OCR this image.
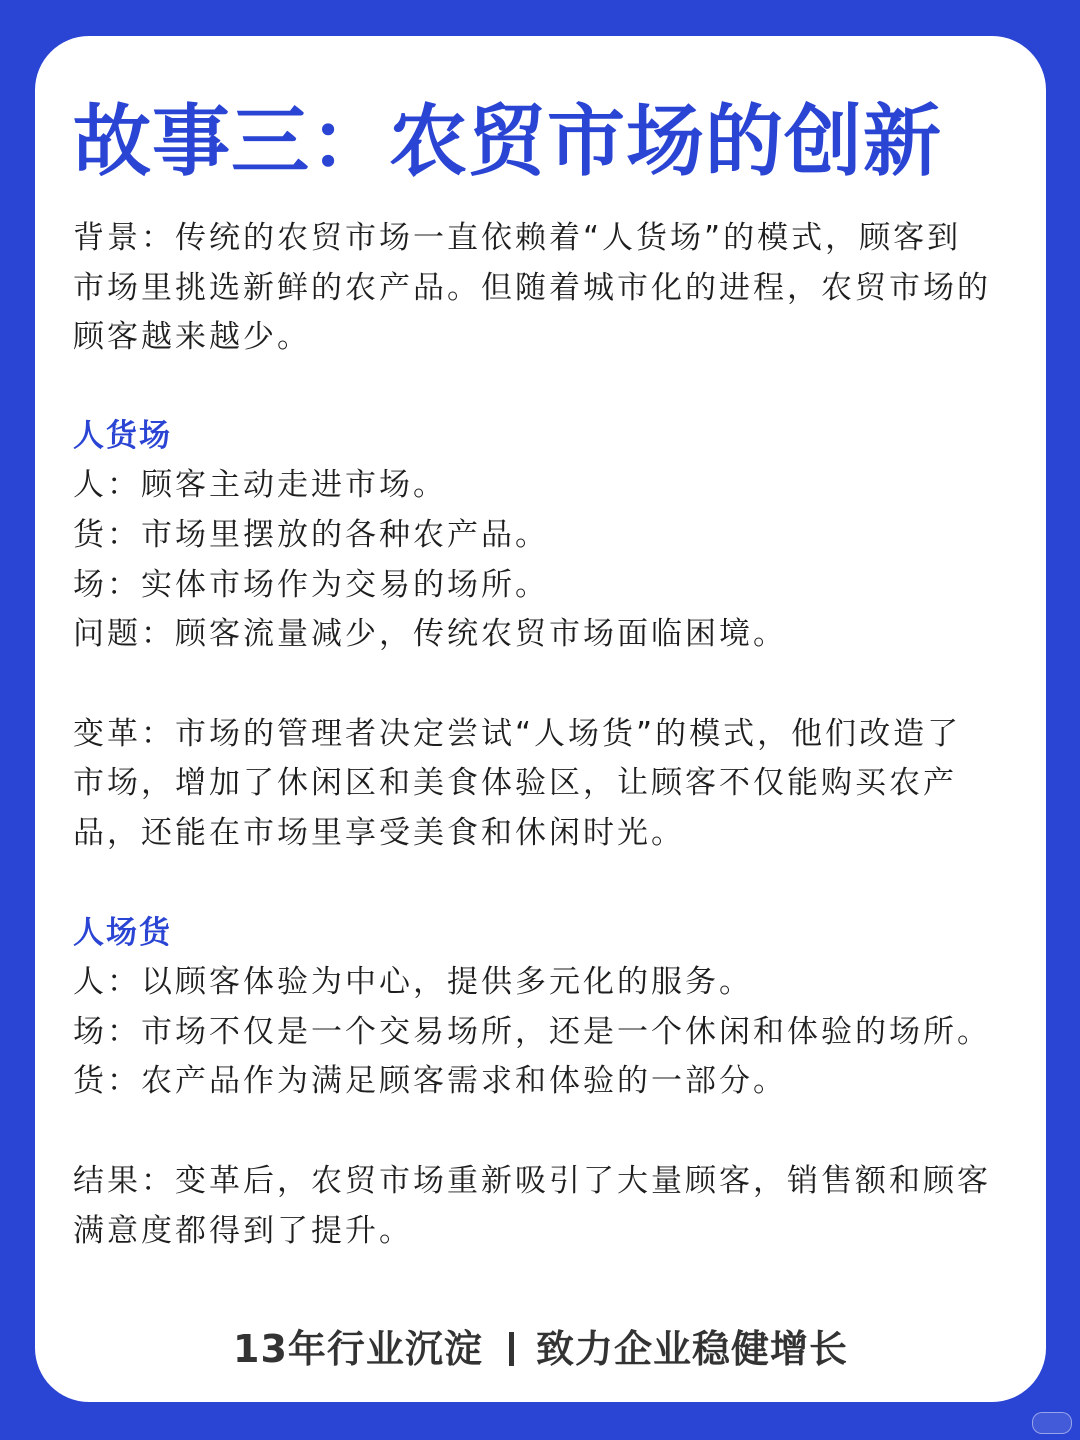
故事三：农贸市场的创新

背景：传统的农贸市场一直依赖着“人货场”的模式，顾客到

市场里挑选新鲜的农产品。但随着城市化的进程，农贸市场的

顾客越来越少。

人货场

人：顾客主动走进市场。

货：市场里摆放的各种农产品。

场：实体市场作为交易的场所。

问题：顾客流量减少，传统农贸市场面临困境。

变革：市场的管理者决定尝试“人场货”的模式，他们改造了

市场，增加了休闲区和美食体验区，让顾客不仅能购买农产

品，还能在市场里享受美食和休闲时光。

人场货

人：以顾客体验为中心，提供多元化的服务。

场：市场不仅是一个交易场所，还是一个休闲和体验的场所。

货：农产品作为满足顾客需求和体验的一部分。

结果：变革后，农贸市场重新吸引了大量顾客，销售额和顾客

满意度都得到了提升。

13年行业沉淀 致力企业稳健增长
